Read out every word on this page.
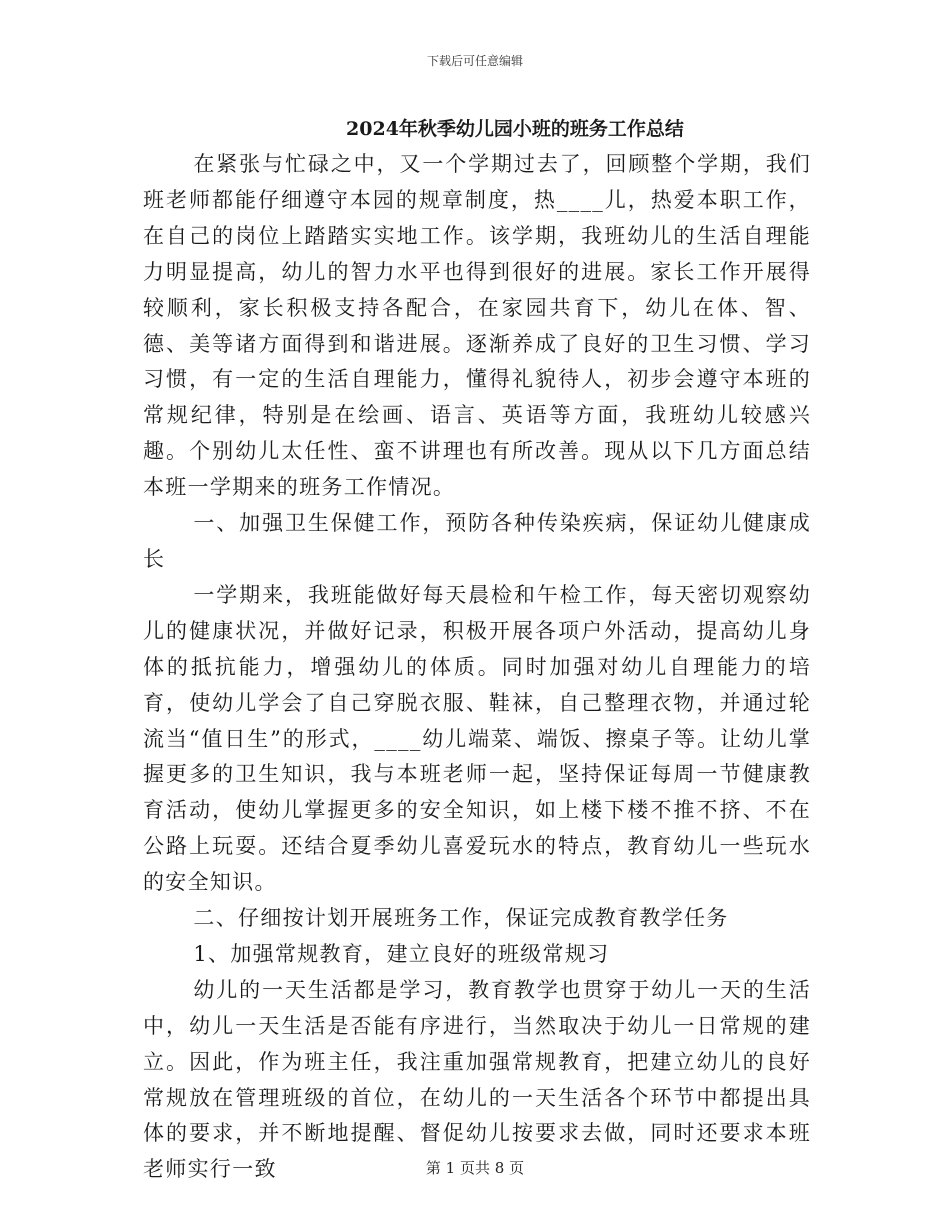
下载后可任意编辑
2024年秋季幼儿园小班的班务工作总结

在紧张与忙碌之中，又一个学期过去了，回顾整个学期，我们班老师都能仔细遵守本园的规章制度，热____儿，热爱本职工作，在自己的岗位上踏踏实实地工作。该学期，我班幼儿的生活自理能力明显提高，幼儿的智力水平也得到很好的进展。家长工作开展得较顺利，家长积极支持各配合，在家园共育下，幼儿在体、智、德、美等诸方面得到和谐进展。逐渐养成了良好的卫生习惯、学习习惯，有一定的生活自理能力，懂得礼貌待人，初步会遵守本班的常规纪律，特别是在绘画、语言、英语等方面，我班幼儿较感兴趣。个别幼儿太任性、蛮不讲理也有所改善。现从以下几方面总结本班一学期来的班务工作情况。

一、加强卫生保健工作，预防各种传染疾病，保证幼儿健康成长

一学期来，我班能做好每天晨检和午检工作，每天密切观察幼儿的健康状况，并做好记录，积极开展各项户外活动，提高幼儿身体的抵抗能力，增强幼儿的体质。同时加强对幼儿自理能力的培育，使幼儿学会了自己穿脱衣服、鞋袜，自己整理衣物，并通过轮流当“值日生”的形式，____幼儿端菜、端饭、擦桌子等。让幼儿掌握更多的卫生知识，我与本班老师一起，坚持保证每周一节健康教育活动，使幼儿掌握更多的安全知识，如上楼下楼不推不挤、不在公路上玩耍。还结合夏季幼儿喜爱玩水的特点，教育幼儿一些玩水的安全知识。

二、仔细按计划开展班务工作，保证完成教育教学任务

1、加强常规教育，建立良好的班级常规习

幼儿的一天生活都是学习，教育教学也贯穿于幼儿一天的生活中，幼儿一天生活是否能有序进行，当然取决于幼儿一日常规的建立。因此，作为班主任，我注重加强常规教育，把建立幼儿的良好常规放在管理班级的首位，在幼儿的一天生活各个环节中都提出具体的要求，并不断地提醒、督促幼儿按要求去做，同时还要求本班老师实行一致	第 1 页共 8 页
